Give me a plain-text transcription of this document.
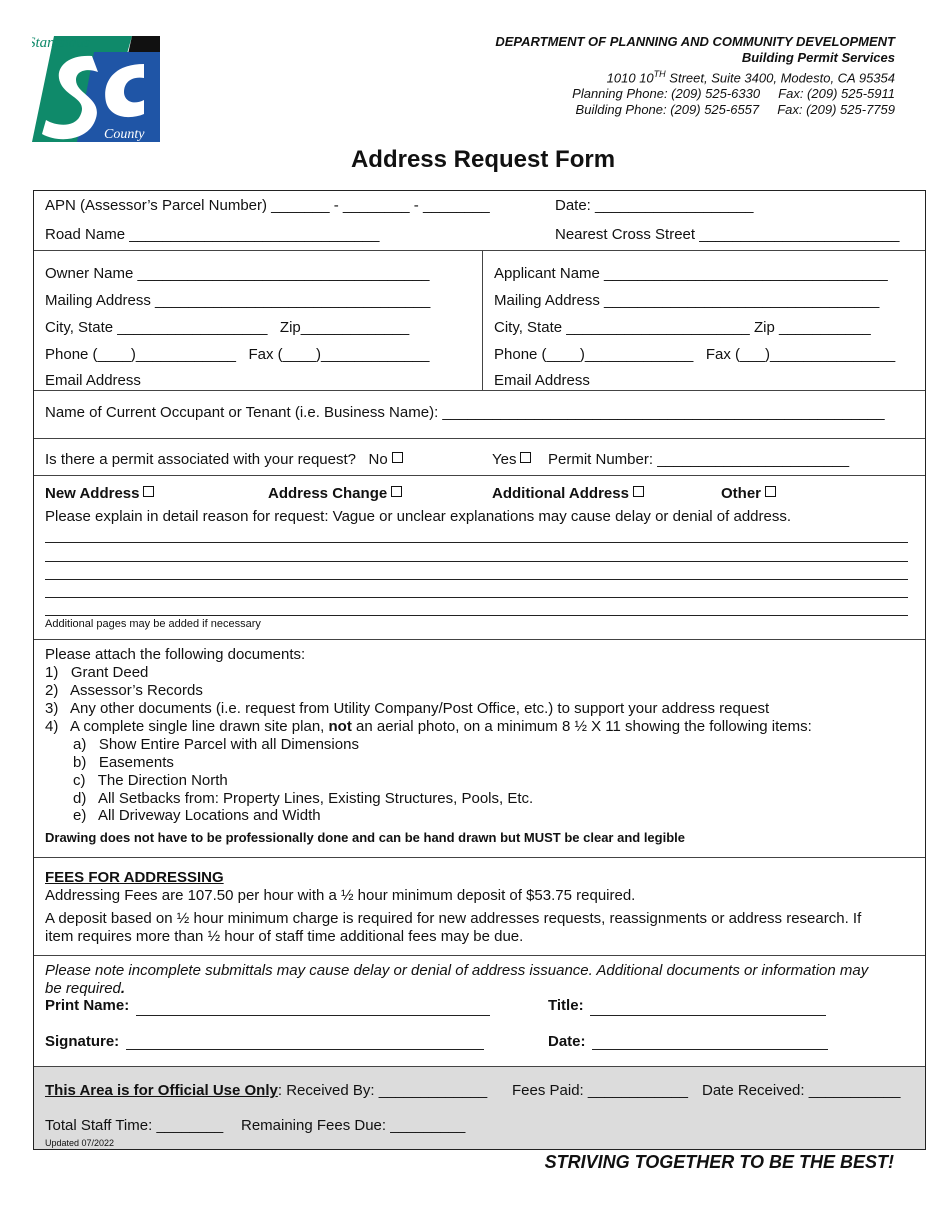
Stanislaus
County
DEPARTMENT OF PLANNING AND COMMUNITY DEVELOPMENT
Building Permit Services
1010 10TH Street, Suite 3400, Modesto, CA 95354
Planning Phone: (209) 525-6330 Fax: (209) 525-5911
Building Phone: (209) 525-6557 Fax: (209) 525-7759
Address Request Form
APN (Assessor’s Parcel Number) _______ - ________ - ________	Date: ___________________
Road Name ______________________________	Nearest Cross Street ________________________
Owner Name ___________________________________
Mailing Address _________________________________
City, State __________________   Zip_____________
Phone (____)____________   Fax (____)_____________
Email Address
Applicant Name __________________________________
Mailing Address _________________________________
City, State ______________________ Zip ___________
Phone (____)_____________   Fax (___)_______________
Email Address
Name of Current Occupant or Tenant (i.e. Business Name): _____________________________________________________
Is there a permit associated with your request?   No	Yes	Permit Number: _______________________
New Address	Address Change	Additional Address	Other
Please explain in detail reason for request: Vague or unclear explanations may cause delay or denial of address.
Additional pages may be added if necessary
Please attach the following documents:
1)   Grant Deed
2)   Assessor’s Records
3)   Any other documents (i.e. request from Utility Company/Post Office, etc.) to support your address request
4)   A complete single line drawn site plan, not an aerial photo, on a minimum 8 ½ X 11 showing the following items:
a)   Show Entire Parcel with all Dimensions
b)   Easements
c)   The Direction North
d)   All Setbacks from: Property Lines, Existing Structures, Pools, Etc.
e)   All Driveway Locations and Width
Drawing does not have to be professionally done and can be hand drawn but MUST be clear and legible
FEES FOR ADDRESSING
Addressing Fees are 107.50 per hour with a ½ hour minimum deposit of $53.75 required.
A deposit based on ½ hour minimum charge is required for new addresses requests, reassignments or address research. If
item requires more than ½ hour of staff time additional fees may be due.
Please note incomplete submittals may cause delay or denial of address issuance. Additional documents or information may
be required.
Print Name:	Title:
Signature:	Date:
This Area is for Official Use Only: Received By: _____________ Fees Paid: ____________ Date Received: ___________
Total Staff Time: ________ Remaining Fees Due: _________
Updated 07/2022
STRIVING TOGETHER TO BE THE BEST!
